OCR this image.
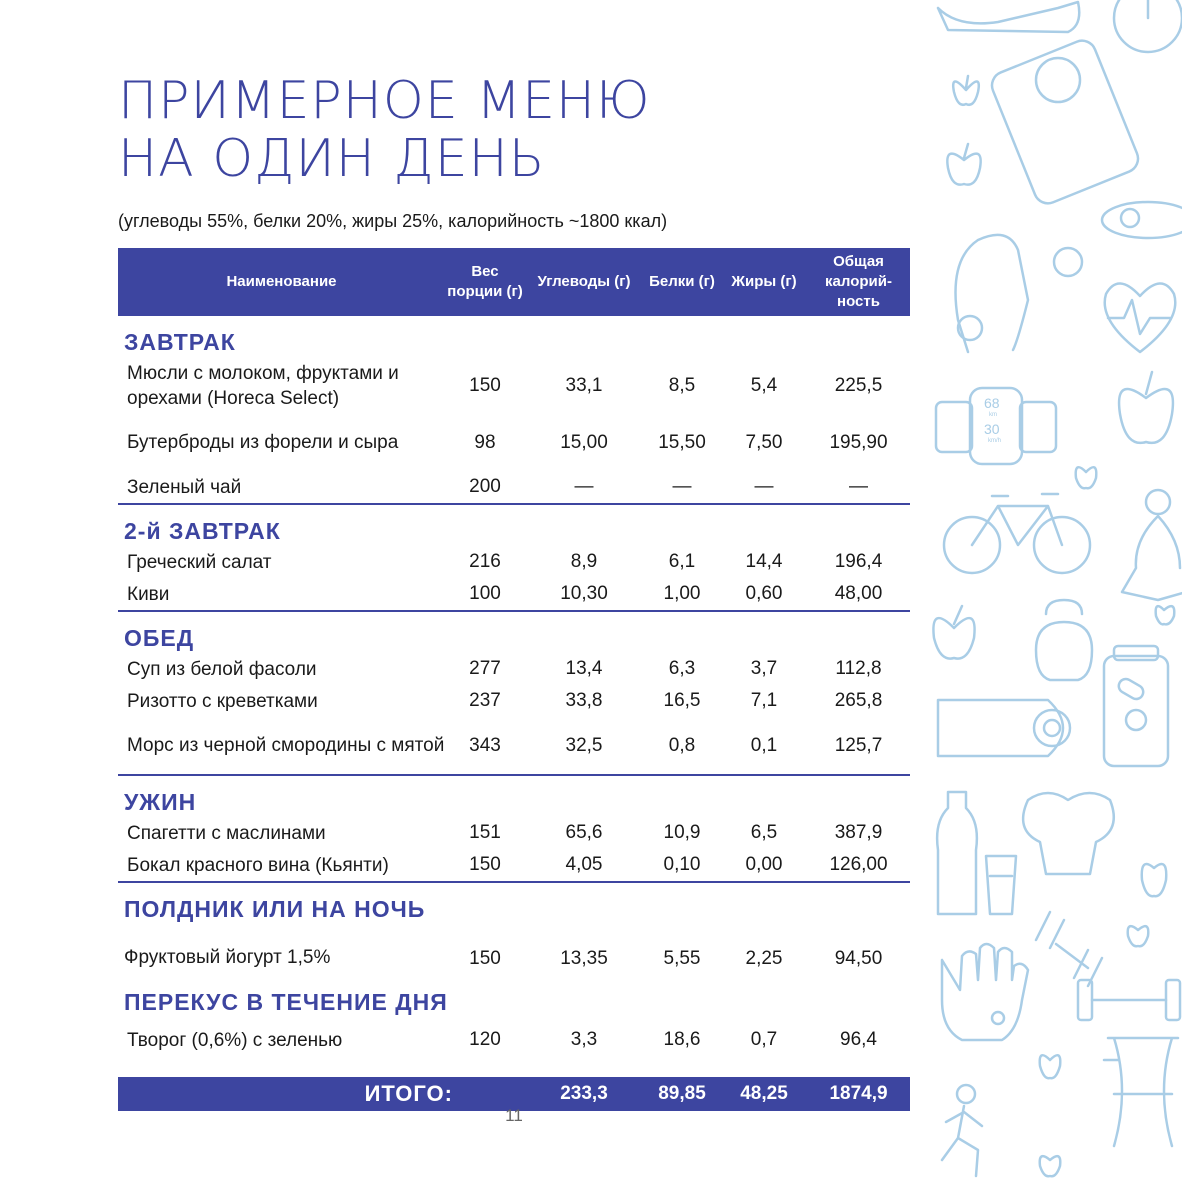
68
km
30
km/h
ПРИМЕРНОЕ МЕНЮ
НА ОДИН ДЕНЬ
(углеводы 55%, белки 20%, жиры 25%, калорийность ~1800 ккал)
Наименование	Вес порции (г)	Углеводы (г)	Белки (г)	Жиры (г)	Общая калорий- ность
ЗАВТРАК					
Мюсли с молоком, фруктами и орехами (Horeca Select)	150	33,1	8,5	5,4	225,5
Бутерброды из форели и сыра	98	15,00	15,50	7,50	195,90
Зеленый чай	200	—	—	—	—
2-й ЗАВТРАК					
Греческий салат	216	8,9	6,1	14,4	196,4
Киви	100	10,30	1,00	0,60	48,00
ОБЕД					
Суп из белой фасоли	277	13,4	6,3	3,7	112,8
Ризотто с креветками	237	33,8	16,5	7,1	265,8
Морс из черной смородины с мятой	343	32,5	0,8	0,1	125,7
УЖИН					
Спагетти с маслинами	151	65,6	10,9	6,5	387,9
Бокал красного вина (Кьянти)	150	4,05	0,10	0,00	126,00
ПОЛДНИК ИЛИ НА НОЧЬ					
Фруктовый йогурт 1,5%	150	13,35	5,55	2,25	94,50
ПЕРЕКУС В ТЕЧЕНИЕ ДНЯ					
Творог (0,6%) с зеленью	120	3,3	18,6	0,7	96,4

ИТОГО:		233,3	89,85	48,25	1874,9
11
